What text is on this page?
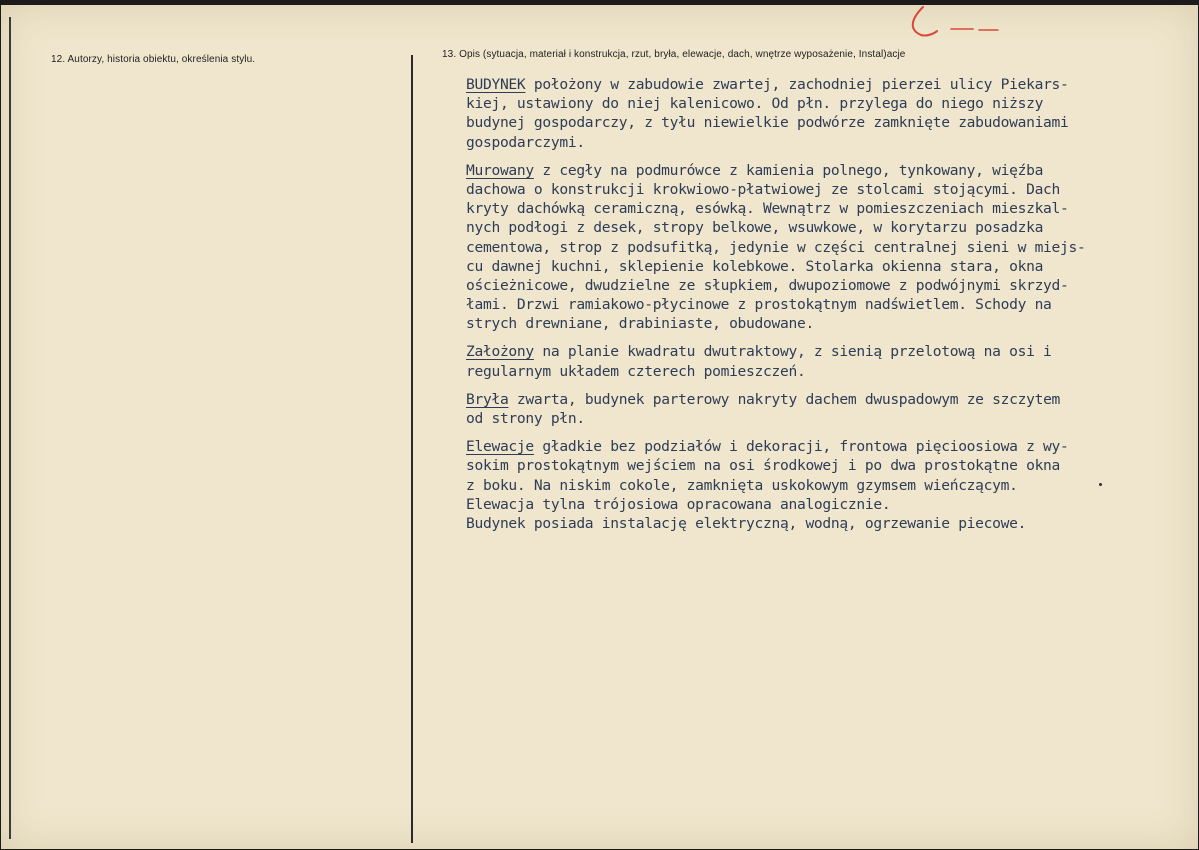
12. Autorzy, historia obiektu, określenia stylu.	13. Opis (sytuacja, materiał i konstrukcja, rzut, bryła, elewacje, dach, wnętrze wyposażenie, Instal)acje
BUDYNEK położony w zabudowie zwartej, zachodniej pierzei ulicy Piekars-
kiej, ustawiony do niej kalenicowo. Od płn. przylega do niego niższy
budynej gospodarczy, z tyłu niewielkie podwórze zamknięte zabudowaniami
gospodarczymi.
Murowany z cegły na podmurówce z kamienia polnego, tynkowany, więźba
dachowa o konstrukcji krokwiowo-płatwiowej ze stolcami stojącymi. Dach
kryty dachówką ceramiczną, esówką. Wewnątrz w pomieszczeniach mieszkal-
nych podłogi z desek, stropy belkowe, wsuwkowe, w korytarzu posadzka
cementowa, strop z podsufitką, jedynie w części centralnej sieni w miejs-
cu dawnej kuchni, sklepienie kolebkowe. Stolarka okienna stara, okna
ościeżnicowe, dwudzielne ze słupkiem, dwupoziomowe z podwójnymi skrzyd-
łami. Drzwi ramiakowo-płycinowe z prostokątnym nadświetlem. Schody na
strych drewniane, drabiniaste, obudowane.
Założony na planie kwadratu dwutraktowy, z sienią przelotową na osi i
regularnym układem czterech pomieszczeń.
Bryła zwarta, budynek parterowy nakryty dachem dwuspadowym ze szczytem
od strony płn.
Elewacje gładkie bez podziałów i dekoracji, frontowa pięcioosiowa z wy-
sokim prostokątnym wejściem na osi środkowej i po dwa prostokątne okna
z boku. Na niskim cokole, zamknięta uskokowym gzymsem wieńczącym.
Elewacja tylna trójosiowa opracowana analogicznie.
Budynek posiada instalację elektryczną, wodną, ogrzewanie piecowe.
